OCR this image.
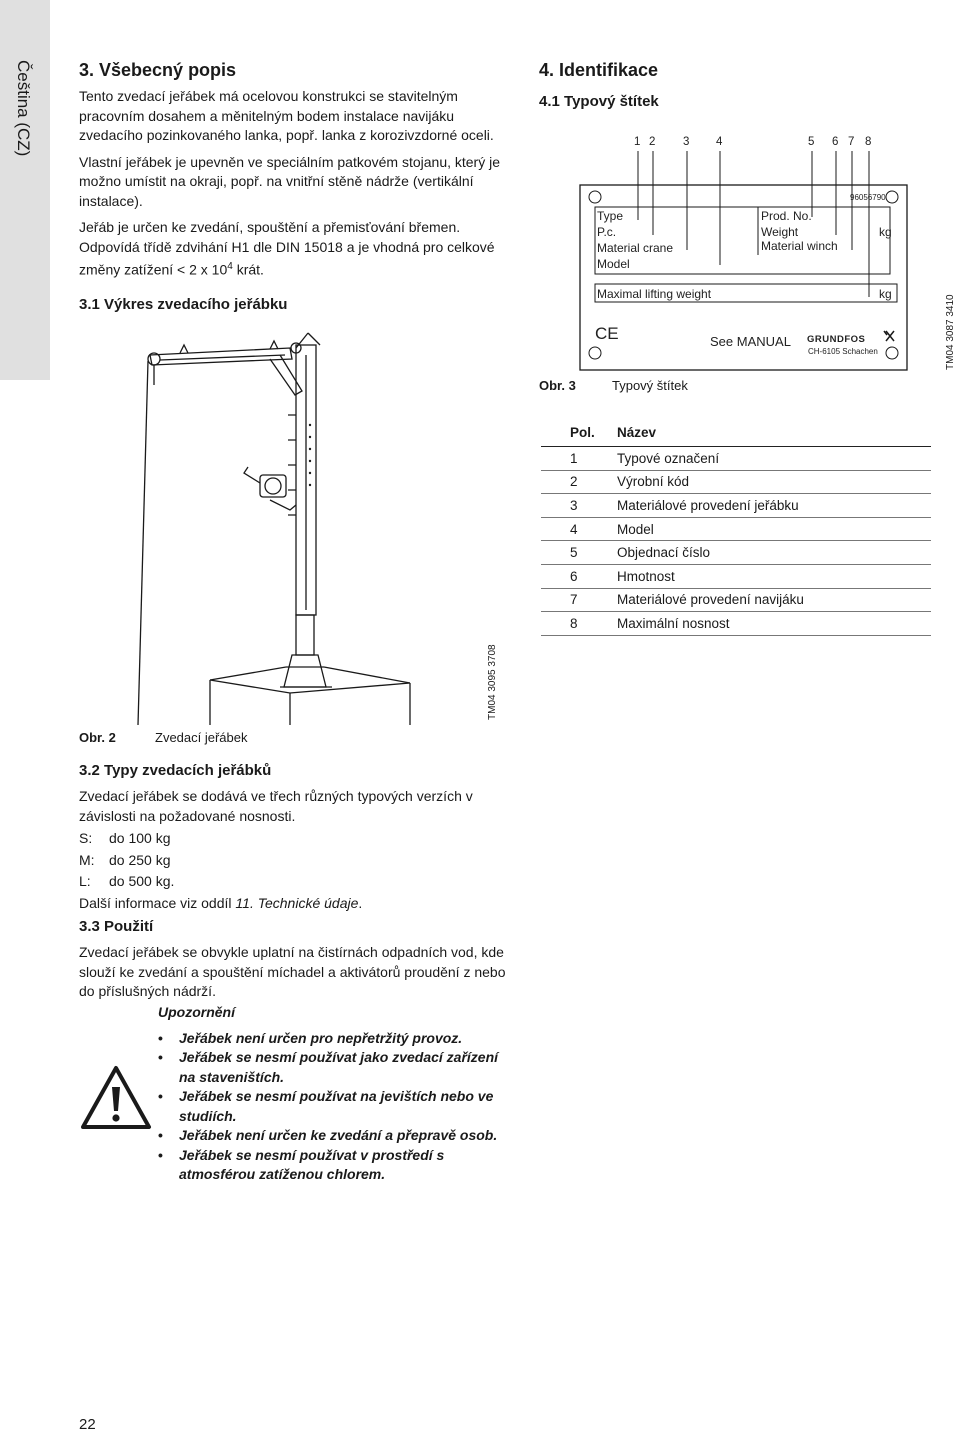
Čeština (CZ)	3. Všebecný popis

Tento zvedací jeřábek má ocelovou konstrukci se stavitelným pracovním dosahem a měnitelným bodem instalace navijáku zvedacího pozinkovaného lanka, popř. lanka z korozivzdorné oceli.

Vlastní jeřábek je upevněn ve speciálním patkovém stojanu, který je možno umístit na okraji, popř. na vnitřní stěně nádrže (vertikální instalace).

Jeřáb je určen ke zvedání, spouštění a přemisťování břemen.

Odpovídá třídě zdvihání H1 dle DIN 15018 a je vhodná pro celkové změny zatížení < 2 x $10^4$ krát.

3.1 Výkres zvedacího jeřábku
TM04 3095 3708
Obr. 2	Zvedací jeřábek
3.2 Typy zvedacích jeřábků

Zvedací jeřábek se dodává ve třech různých typových verzích v závislosti na požadované nosnosti.

S: do 100 kg
M: do 250 kg
L: do 500 kg.

Další informace viz oddíl 11. Technické údaje.

3.3 Použití
Zvedací jeřábek se obvykle uplatní na čistírnách odpadních vod, kde slouží ke zvedání a spouštění míchadel a aktivátorů proudění z nebo do příslušných nádrží.
Upozornění
• Jeřábek není určen pro nepřetržitý provoz.
• Jeřábek se nesmí používat jako zvedací zařízení na staveništích.
• Jeřábek se nesmí používat na jevištích nebo ve studiích.
• Jeřábek není určen ke zvedání a přepravě osob.
• Jeřábek se nesmí používat v prostředí s atmosférou zatíženou chlorem.
4. Identifikace
4.1 Typový štítek
1 2 3 4	5 6 7 8
96056790
Type
P.c.
Material crane
Model
Prod. No.
Weight	kg
Material winch
Maximal lifting weight	kg
CE	See MANUAL GRUNDFOS
CH-6105 Schachen	TM04 3087 3410
Obr. 3	Typový štítek
Pol.	Název
1	Typové označení
2	Výrobní kód
3	Materiálové provedení jeřábku
4	Model
5	Objednací číslo
6	Hmotnost
7	Materiálové provedení navijáku
8	Maximální nosnost
22
